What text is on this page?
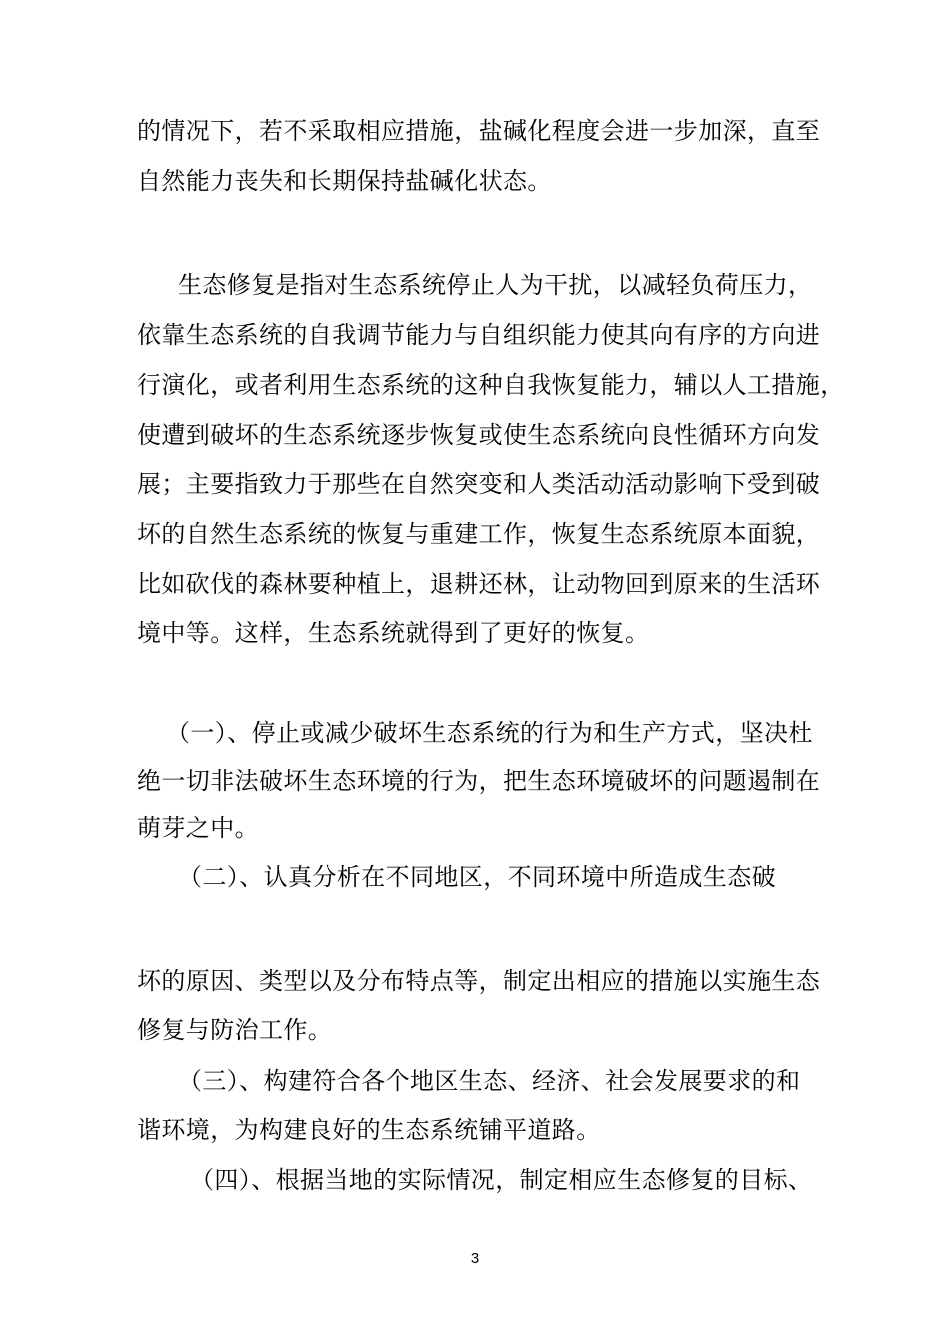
的情况下，若不采取相应措施，盐碱化程度会进一步加深，直至
自然能力丧失和长期保持盐碱化状态。
生态修复是指对生态系统停止人为干扰，以减轻负荷压力，
依靠生态系统的自我调节能力与自组织能力使其向有序的方向进
行演化，或者利用生态系统的这种自我恢复能力，辅以人工措施，
使遭到破坏的生态系统逐步恢复或使生态系统向良性循环方向发
展；主要指致力于那些在自然突变和人类活动活动影响下受到破
坏的自然生态系统的恢复与重建工作，恢复生态系统原本面貌，
比如砍伐的森林要种植上，退耕还林，让动物回到原来的生活环
境中等。这样，生态系统就得到了更好的恢复。
（一）、停止或减少破坏生态系统的行为和生产方式，坚决杜
绝一切非法破坏生态环境的行为，把生态环境破坏的问题遏制在
萌芽之中。
（二）、认真分析在不同地区，不同环境中所造成生态破
坏的原因、类型以及分布特点等，制定出相应的措施以实施生态
修复与防治工作。
（三）、构建符合各个地区生态、经济、社会发展要求的和
谐环境，为构建良好的生态系统铺平道路。
（四）、根据当地的实际情况，制定相应生态修复的目标、
3
